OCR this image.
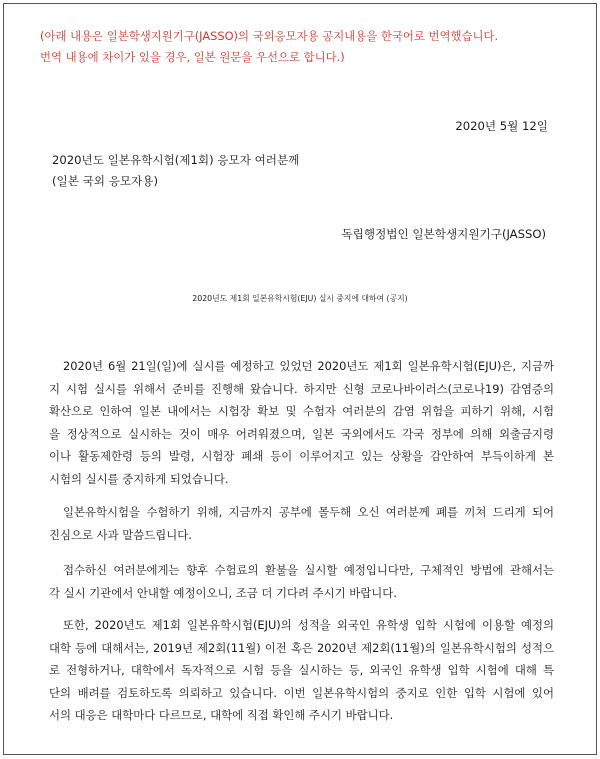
(아래 내용은 일본학생지원기구(JASSO)의 국외응모자용 공지내용을 한국어로 번역했습니다.
번역 내용에 차이가 있을 경우, 일본 원문을 우선으로 합니다.)
2020년 5월 12일
2020년도 일본유학시험(제1회) 응모자 여러분께
(일본 국외 응모자용)
독립행정법인 일본학생지원기구(JASSO)
2020년도 제1회 일본유학시험(EJU) 실시 중지에 대하여 (공지)
2020년 6월 21일(일)에 실시를 예정하고 있었던 2020년도 제1회 일본유학시험(EJU)은, 지금까
지 시험 실시를 위해서 준비를 진행해 왔습니다. 하지만 신형 코로나바이러스(코로나19) 감염증의
확산으로 인하여 일본 내에서는 시험장 확보 및 수험자 여러분의 감염 위험을 피하기 위해, 시험
을 정상적으로 실시하는 것이 매우 어려워졌으며, 일본 국외에서도 각국 정부에 의해 외출금지령
이나 활동제한령 등의 발령, 시험장 폐쇄 등이 이루어지고 있는 상황을 감안하여 부득이하게 본
시험의 실시를 중지하게 되었습니다.
일본유학시험을 수험하기 위해, 지금까지 공부에 몰두해 오신 여러분께 폐를 끼쳐 드리게 되어
진심으로 사과 말씀드립니다.
접수하신 여러분에게는 향후 수험료의 환불을 실시할 예정입니다만, 구체적인 방법에 관해서는
각 실시 기관에서 안내할 예정이오니, 조금 더 기다려 주시기 바랍니다.
또한, 2020년도 제1회 일본유학시험(EJU)의 성적을 외국인 유학생 입학 시험에 이용할 예정의
대학 등에 대해서는, 2019년 제2회(11월) 이전 혹은 2020년 제2회(11월)의 일본유학시험의 성적으
로 전형하거나, 대학에서 독자적으로 시험 등을 실시하는 등, 외국인 유학생 입학 시험에 대해 특
단의 배려를 검토하도록 의뢰하고 있습니다. 이번 일본유학시험의 중지로 인한 입학 시험에 있어
서의 대응은 대학마다 다르므로, 대학에 직접 확인해 주시기 바랍니다.
